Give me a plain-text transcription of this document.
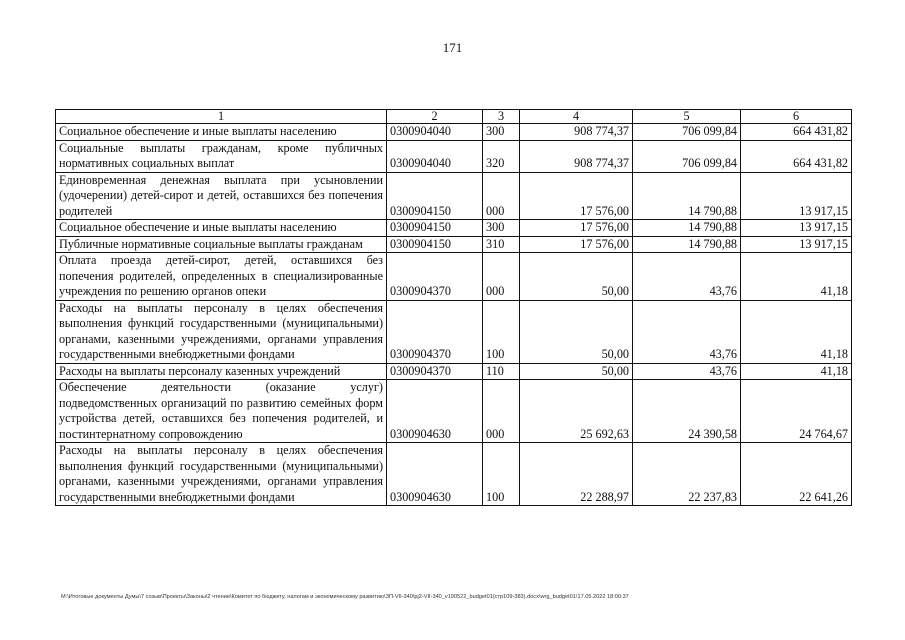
171
1	2	3	4	5	6
Социальное обеспечение и иные выплаты населению	0300904040	300	908 774,37	706 099,84	664 431,82
Социальные выплаты гражданам, кроме публичных нормативных социальных выплат	0300904040	320	908 774,37	706 099,84	664 431,82
Единовременная денежная выплата при усыновлении (удочерении) детей-сирот и детей, оставшихся без попечения родителей	0300904150	000	17 576,00	14 790,88	13 917,15
Социальное обеспечение и иные выплаты населению	0300904150	300	17 576,00	14 790,88	13 917,15
Публичные нормативные социальные выплаты гражданам	0300904150	310	17 576,00	14 790,88	13 917,15
Оплата проезда детей-сирот, детей, оставшихся без попечения родителей, определенных в специализированные учреждения по решению органов опеки	0300904370	000	50,00	43,76	41,18
Расходы на выплаты персоналу в целях обеспечения выполнения функций государственными (муниципальными) органами, казенными учреждениями, органами управления государственными внебюджетными фондами	0300904370	100	50,00	43,76	41,18
Расходы на выплаты персоналу казенных учреждений	0300904370	110	50,00	43,76	41,18
Обеспечение деятельности (оказание услуг) подведомственных организаций по развитию семейных форм устройства детей, оставшихся без попечения родителей, и постинтернатному сопровождению	0300904630	000	25 692,63	24 390,58	24 764,67
Расходы на выплаты персоналу в целях обеспечения выполнения функций государственными (муниципальными) органами, казенными учреждениями, органами управления государственными внебюджетными фондами	0300904630	100	22 288,97	22 237,83	22 641,26
M:\Итоговые документы Думы\7 созыв\Проекты\Законы\2 чтение\Комитет по бюджету, налогам и экономическому развитию\ЗП-VII-340\pj2-VII-340_v190522_budget01(стр109-383).docx\wrg_budget01\17.05.2022 18:00:37
